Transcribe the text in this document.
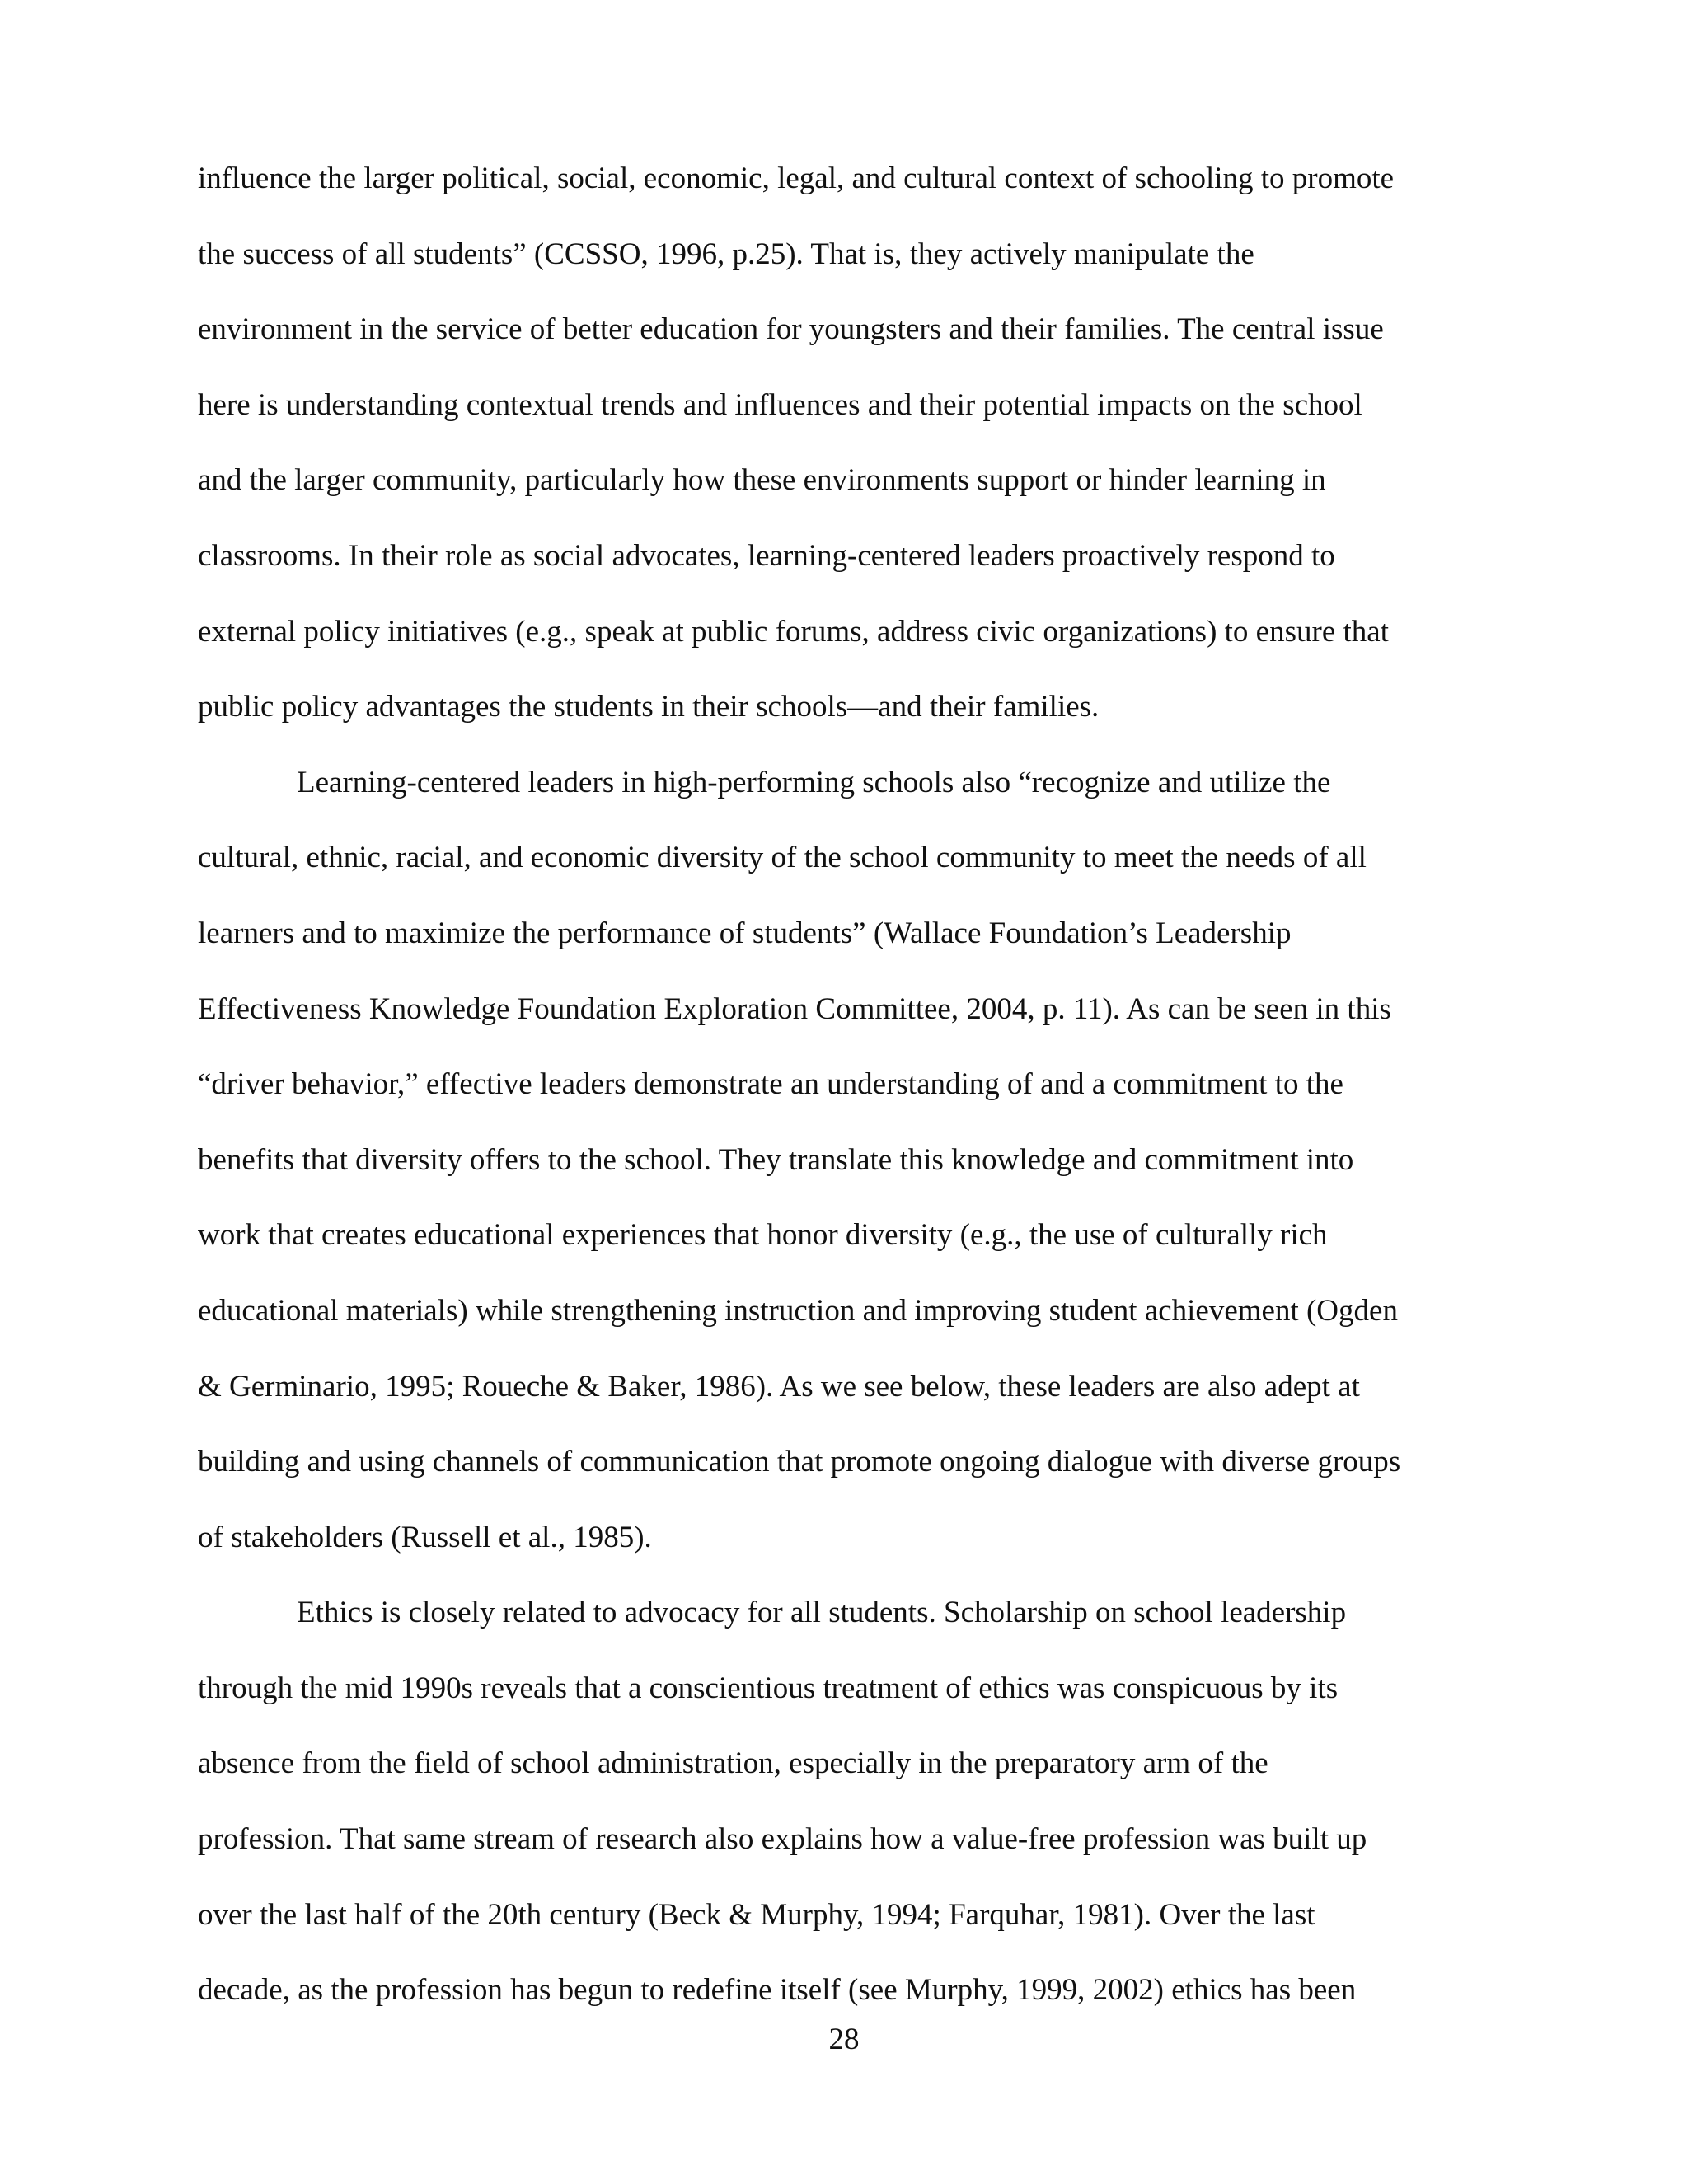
influence the larger political, social, economic, legal, and cultural context of schooling to promote
the success of all students” (CCSSO, 1996, p.25). That is, they actively manipulate the
environment in the service of better education for youngsters and their families. The central issue
here is understanding contextual trends and influences and their potential impacts on the school
and the larger community, particularly how these environments support or hinder learning in
classrooms. In their role as social advocates, learning-centered leaders proactively respond to
external policy initiatives (e.g., speak at public forums, address civic organizations) to ensure that
public policy advantages the students in their schools—and their families.
Learning-centered leaders in high-performing schools also “recognize and utilize the
cultural, ethnic, racial, and economic diversity of the school community to meet the needs of all
learners and to maximize the performance of students” (Wallace Foundation’s Leadership
Effectiveness Knowledge Foundation Exploration Committee, 2004, p. 11). As can be seen in this
“driver behavior,” effective leaders demonstrate an understanding of and a commitment to the
benefits that diversity offers to the school. They translate this knowledge and commitment into
work that creates educational experiences that honor diversity (e.g., the use of culturally rich
educational materials) while strengthening instruction and improving student achievement (Ogden
& Germinario, 1995; Roueche & Baker, 1986). As we see below, these leaders are also adept at
building and using channels of communication that promote ongoing dialogue with diverse groups
of stakeholders (Russell et al., 1985).
Ethics is closely related to advocacy for all students. Scholarship on school leadership
through the mid 1990s reveals that a conscientious treatment of ethics was conspicuous by its
absence from the field of school administration, especially in the preparatory arm of the
profession. That same stream of research also explains how a value-free profession was built up
over the last half of the 20th century (Beck & Murphy, 1994; Farquhar, 1981). Over the last
decade, as the profession has begun to redefine itself (see Murphy, 1999, 2002) ethics has been
28
